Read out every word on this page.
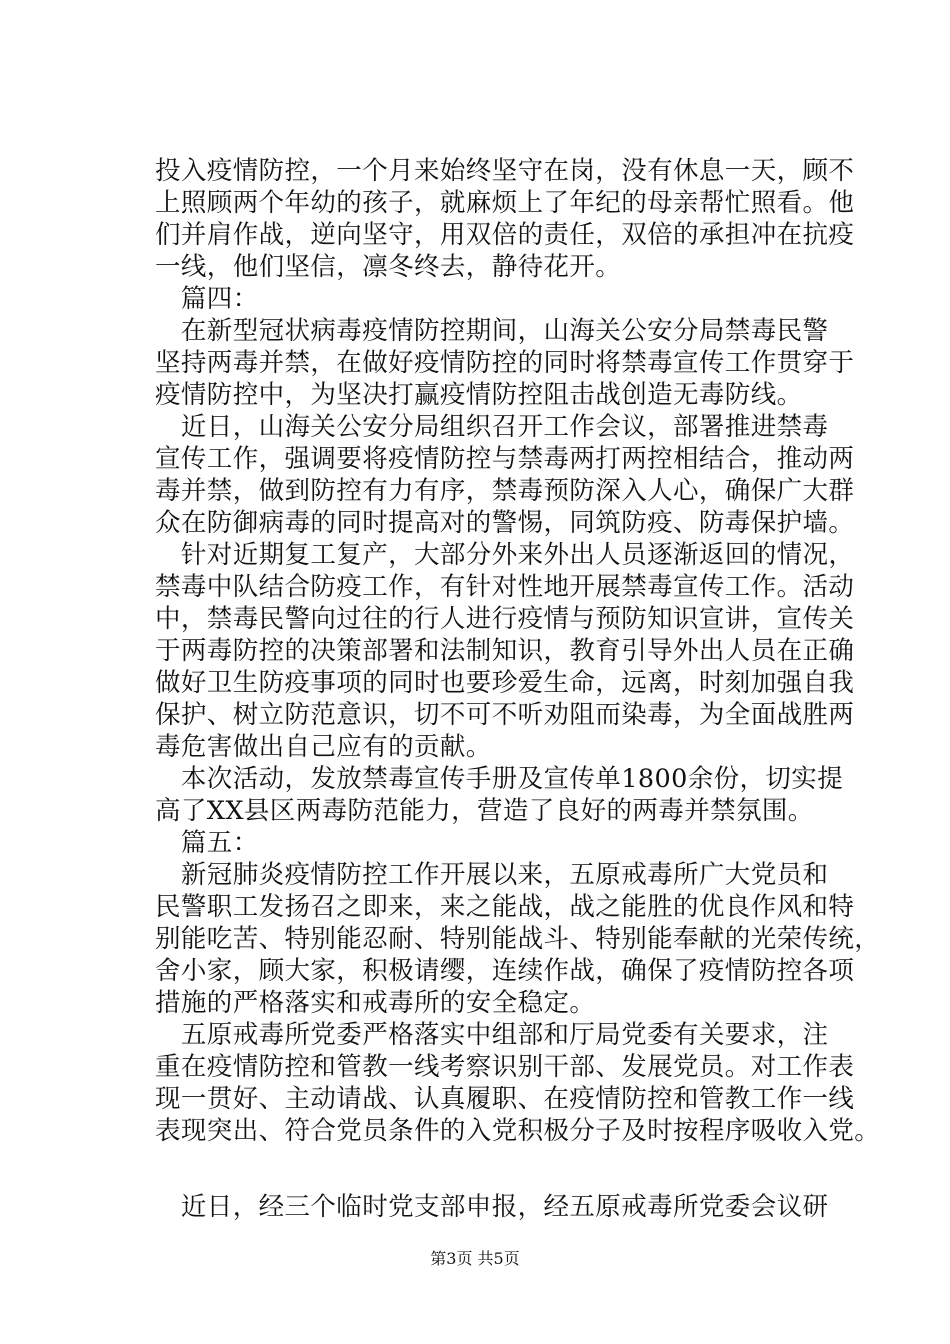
投入疫情防控，一个月来始终坚守在岗，没有休息一天，顾不
上照顾两个年幼的孩子，就麻烦上了年纪的母亲帮忙照看。他
们并肩作战，逆向坚守，用双倍的责任，双倍的承担冲在抗疫
一线，他们坚信，凛冬终去，静待花开。
　篇四：
　在新型冠状病毒疫情防控期间，山海关公安分局禁毒民警
坚持两毒并禁，在做好疫情防控的同时将禁毒宣传工作贯穿于
疫情防控中，为坚决打赢疫情防控阻击战创造无毒防线。
　近日，山海关公安分局组织召开工作会议，部署推进禁毒
宣传工作，强调要将疫情防控与禁毒两打两控相结合，推动两
毒并禁，做到防控有力有序，禁毒预防深入人心，确保广大群
众在防御病毒的同时提高对的警惕，同筑防疫、防毒保护墙。
　针对近期复工复产，大部分外来外出人员逐渐返回的情况，
禁毒中队结合防疫工作，有针对性地开展禁毒宣传工作。活动
中，禁毒民警向过往的行人进行疫情与预防知识宣讲，宣传关
于两毒防控的决策部署和法制知识，教育引导外出人员在正确
做好卫生防疫事项的同时也要珍爱生命，远离，时刻加强自我
保护、树立防范意识，切不可不听劝阻而染毒，为全面战胜两
毒危害做出自己应有的贡献。
　本次活动，发放禁毒宣传手册及宣传单1800余份，切实提
高了XX县区两毒防范能力，营造了良好的两毒并禁氛围。
　篇五：
　新冠肺炎疫情防控工作开展以来，五原戒毒所广大党员和
民警职工发扬召之即来，来之能战，战之能胜的优良作风和特
别能吃苦、特别能忍耐、特别能战斗、特别能奉献的光荣传统，
舍小家，顾大家，积极请缨，连续作战，确保了疫情防控各项
措施的严格落实和戒毒所的安全稳定。
　五原戒毒所党委严格落实中组部和厅局党委有关要求，注
重在疫情防控和管教一线考察识别干部、发展党员。对工作表
现一贯好、主动请战、认真履职、在疫情防控和管教工作一线
表现突出、符合党员条件的入党积极分子及时按程序吸收入党。
　近日，经三个临时党支部申报，经五原戒毒所党委会议研
第3页 共5页
